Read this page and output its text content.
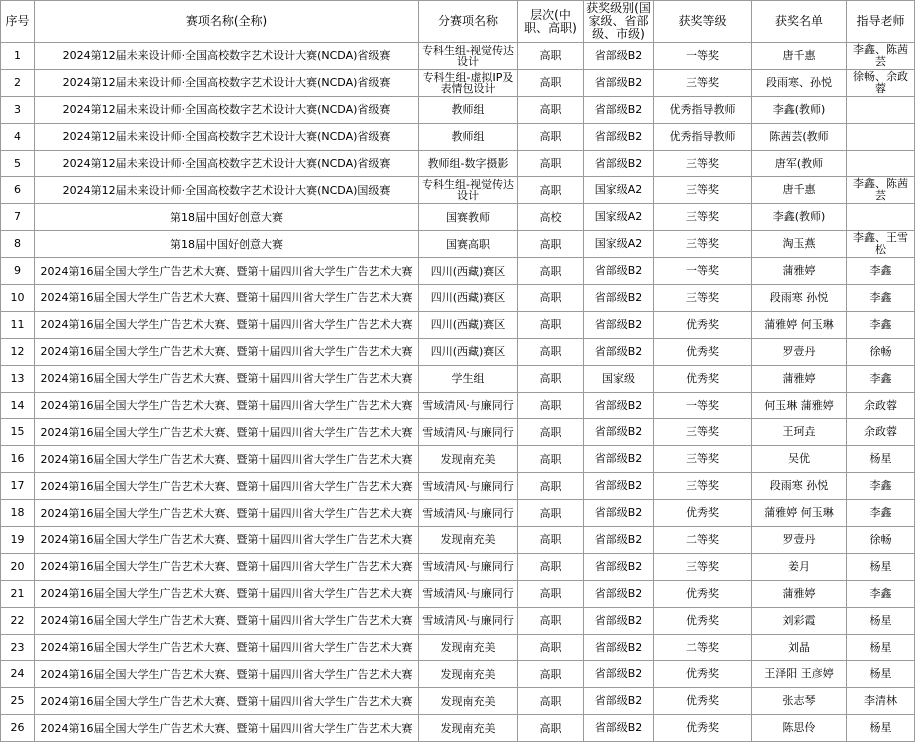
序号	赛项名称(全称)	分赛项名称	层次(中职、高职)	获奖级别(国家级、省部级、市级)	获奖等级	获奖名单	指导老师
1	2024第12届未来设计师·全国高校数字艺术设计大赛(NCDA)省级赛	专科生组-视觉传达设计	高职	省部级B2	一等奖	唐千惠	李鑫、陈茜芸
2	2024第12届未来设计师·全国高校数字艺术设计大赛(NCDA)省级赛	专科生组-虚拟IP及表情包设计	高职	省部级B2	三等奖	段雨寒、孙悦	徐畅、余政蓉
3	2024第12届未来设计师·全国高校数字艺术设计大赛(NCDA)省级赛	教师组	高职	省部级B2	优秀指导教师	李鑫(教师)	
4	2024第12届未来设计师·全国高校数字艺术设计大赛(NCDA)省级赛	教师组	高职	省部级B2	优秀指导教师	陈茜芸(教师	
5	2024第12届未来设计师·全国高校数字艺术设计大赛(NCDA)省级赛	教师组-数字摄影	高职	省部级B2	三等奖	唐军(教师	
6	2024第12届未来设计师·全国高校数字艺术设计大赛(NCDA)国级赛	专科生组-视觉传达设计	高职	国家级A2	三等奖	唐千惠	李鑫、陈茜芸
7	第18届中国好创意大赛	国赛教师	高校	国家级A2	三等奖	李鑫(教师)	
8	第18届中国好创意大赛	国赛高职	高职	国家级A2	三等奖	淘玉燕	李鑫、王雪松
9	2024第16届全国大学生广告艺术大赛、暨第十届四川省大学生广告艺术大赛	四川(西藏)赛区	高职	省部级B2	一等奖	蒲雅婷	李鑫
10	2024第16届全国大学生广告艺术大赛、暨第十届四川省大学生广告艺术大赛	四川(西藏)赛区	高职	省部级B2	三等奖	段雨寒 孙悦	李鑫
11	2024第16届全国大学生广告艺术大赛、暨第十届四川省大学生广告艺术大赛	四川(西藏)赛区	高职	省部级B2	优秀奖	蒲雅婷 何玉琳	李鑫
12	2024第16届全国大学生广告艺术大赛、暨第十届四川省大学生广告艺术大赛	四川(西藏)赛区	高职	省部级B2	优秀奖	罗壹丹	徐畅
13	2024第16届全国大学生广告艺术大赛、暨第十届四川省大学生广告艺术大赛	学生组	高职	国家级	优秀奖	蒲雅婷	李鑫
14	2024第16届全国大学生广告艺术大赛、暨第十届四川省大学生广告艺术大赛	雪域清风·与廉同行	高职	省部级B2	一等奖	何玉琳 蒲雅婷	余政蓉
15	2024第16届全国大学生广告艺术大赛、暨第十届四川省大学生广告艺术大赛	雪域清风·与廉同行	高职	省部级B2	三等奖	王珂垚	余政蓉
16	2024第16届全国大学生广告艺术大赛、暨第十届四川省大学生广告艺术大赛	发现南充美	高职	省部级B2	三等奖	吴优	杨星
17	2024第16届全国大学生广告艺术大赛、暨第十届四川省大学生广告艺术大赛	雪域清风·与廉同行	高职	省部级B2	三等奖	段雨寒 孙悦	李鑫
18	2024第16届全国大学生广告艺术大赛、暨第十届四川省大学生广告艺术大赛	雪域清风·与廉同行	高职	省部级B2	优秀奖	蒲雅婷 何玉琳	李鑫
19	2024第16届全国大学生广告艺术大赛、暨第十届四川省大学生广告艺术大赛	发现南充美	高职	省部级B2	二等奖	罗壹丹	徐畅
20	2024第16届全国大学生广告艺术大赛、暨第十届四川省大学生广告艺术大赛	雪域清风·与廉同行	高职	省部级B2	三等奖	姜月	杨星
21	2024第16届全国大学生广告艺术大赛、暨第十届四川省大学生广告艺术大赛	雪域清风·与廉同行	高职	省部级B2	优秀奖	蒲雅婷	李鑫
22	2024第16届全国大学生广告艺术大赛、暨第十届四川省大学生广告艺术大赛	雪域清风·与廉同行	高职	省部级B2	优秀奖	刘彩霞	杨星
23	2024第16届全国大学生广告艺术大赛、暨第十届四川省大学生广告艺术大赛	发现南充美	高职	省部级B2	二等奖	刘晶	杨星
24	2024第16届全国大学生广告艺术大赛、暨第十届四川省大学生广告艺术大赛	发现南充美	高职	省部级B2	优秀奖	王泽阳 王彦婷	杨星
25	2024第16届全国大学生广告艺术大赛、暨第十届四川省大学生广告艺术大赛	发现南充美	高职	省部级B2	优秀奖	张志琴	李清林
26	2024第16届全国大学生广告艺术大赛、暨第十届四川省大学生广告艺术大赛	发现南充美	高职	省部级B2	优秀奖	陈思伶	杨星
